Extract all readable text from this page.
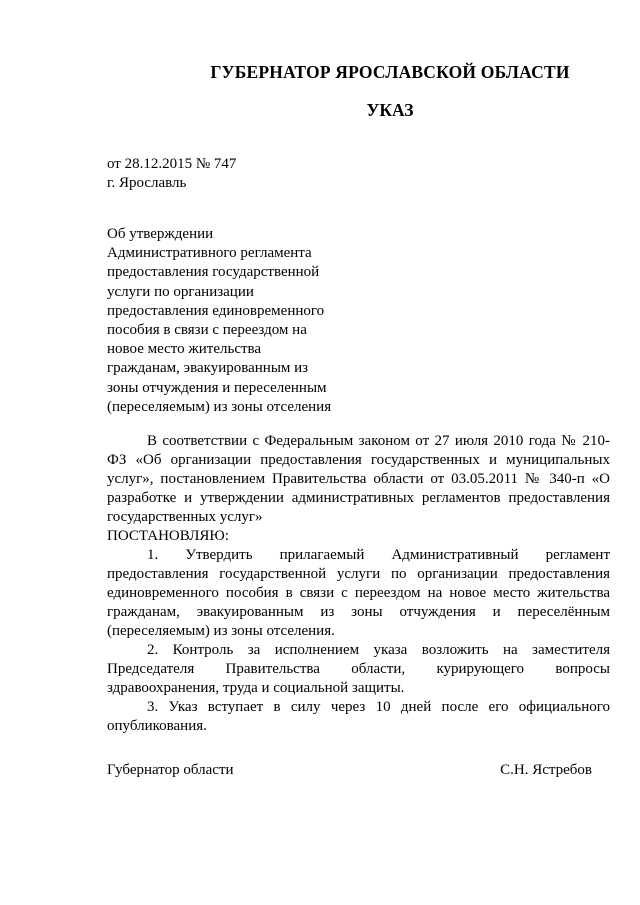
ГУБЕРНАТОР ЯРОСЛАВСКОЙ ОБЛАСТИ
УКАЗ
от 28.12.2015 № 747
г. Ярославль
Об утверждении
Административного регламента
предоставления государственной
услуги по организации
предоставления единовременного
пособия в связи с переездом на
новое место жительства
гражданам, эвакуированным из
зоны отчуждения и переселенным
(переселяемым) из зоны отселения

В соответствии с Федеральным законом от 27 июля 2010 года № 210-ФЗ «Об организации предоставления государственных и муниципальных услуг», постановлением Правительства области от 03.05.2011 № 340-п «О разработке и утверждении административных регламентов предоставления государственных услуг»

ПОСТАНОВЛЯЮ:

1. Утвердить прилагаемый Административный регламент предоставления государственной услуги по организации предоставления единовременного пособия в связи с переездом на новое место жительства гражданам, эвакуированным из зоны отчуждения и переселённым (переселяемым) из зоны отселения.

2. Контроль за исполнением указа возложить на заместителя Председателя Правительства области, курирующего вопросы здравоохранения, труда и социальной защиты.

3. Указ вступает в силу через 10 дней после его официального опубликования.

Губернатор области	С.Н. Ястребов
